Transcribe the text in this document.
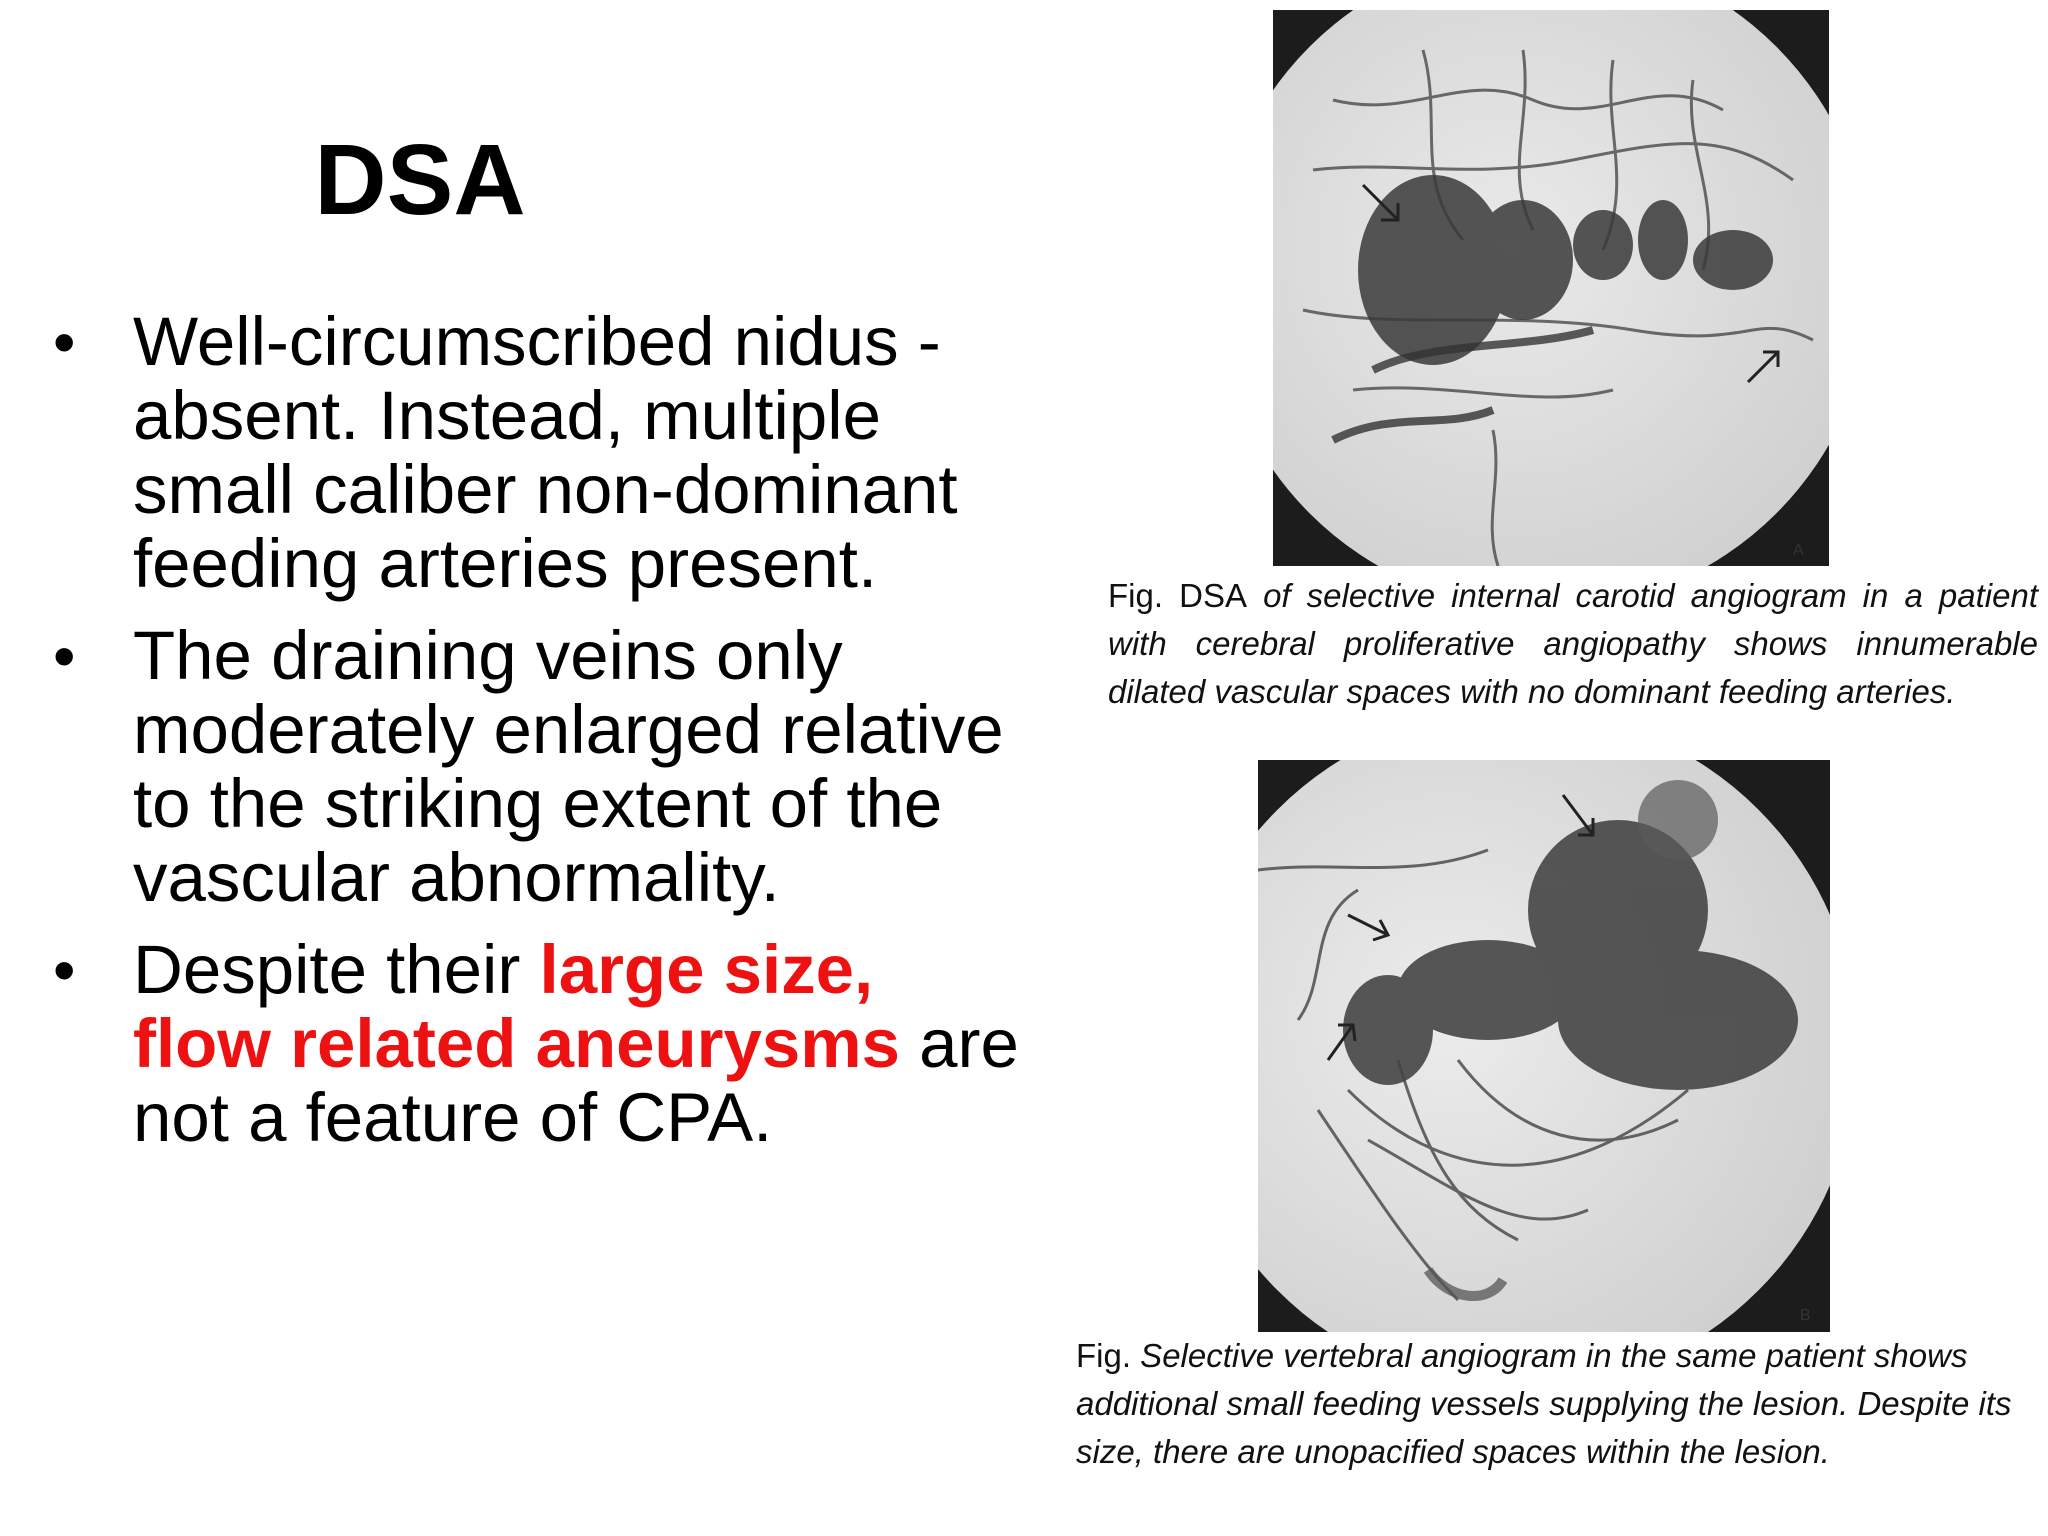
DSA
• Well-circumscribed nidus - absent. Instead, multiple small caliber non-dominant feeding arteries present.
• The draining veins only moderately enlarged relative to the striking extent of the vascular abnormality.
• Despite their large size, flow related aneurysms are not a feature of CPA.
A
Fig. DSA of selective internal carotid angiogram in a patient with cerebral proliferative angiopathy shows innumerable dilated vascular spaces with no dominant feeding arteries.
B
Fig. Selective vertebral angiogram in the same patient shows additional small feeding vessels supplying the lesion. Despite its size, there are unopacified spaces within the lesion.
